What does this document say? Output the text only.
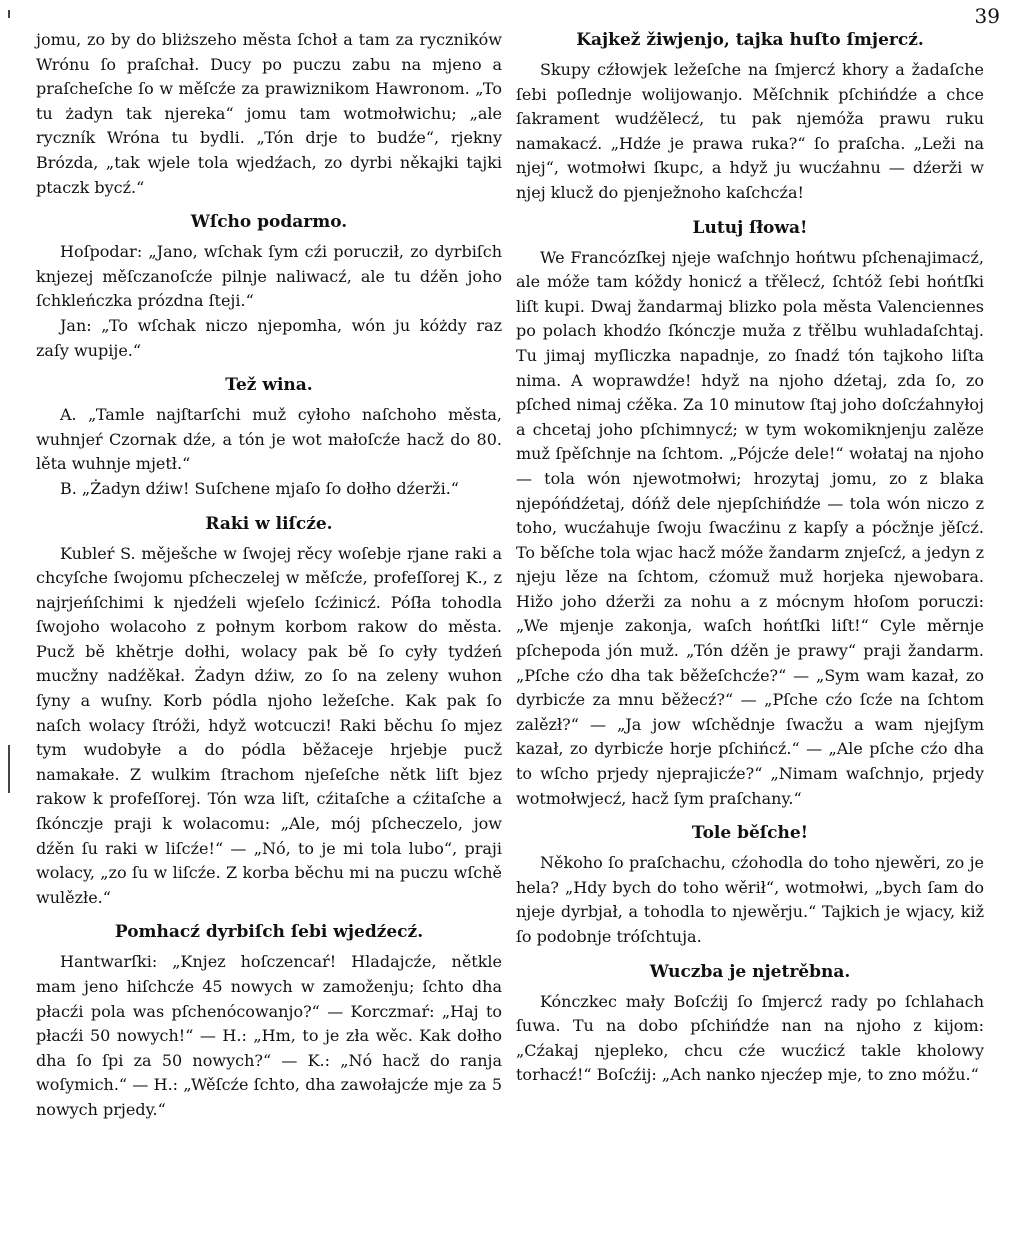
39

jomu, zo by do bliższeho města ſchoł a tam za ryczników Wrónu ſo praſchał. Ducy po puczu zabu na mjeno a praſcheſche ſo w měſcźe za prawiznikom Hawronom. „To tu żadyn tak njereka“ jomu tam wotmołwichu; „ale ryczník Wróna tu bydli. „Tón drje to budźe“, rjekny Brózda, „tak wjele tola wjedźach, zo dyrbi někajki tajki ptaczk bycź.“

Wſcho podarmo.

Hoſpodar: „Jano, wſchak ſym cźi porucził, zo dyrbiſch knjezej měſczanoſcźe pilnje naliwacź, ale tu dźěn joho ſchkleńczka prózdna ſteji.“

Jan: „To wſchak niczo njepomha, wón ju kóżdy raz zaſy wupije.“

Tež wina.

A. „Tamle najſtarſchi muž cyłoho naſchoho města, wuhnjeŕ Czornak dźe, a tón je wot małoſcźe hacž do 80. lěta wuhnje mjetł.“

B. „Żadyn dźiw! Suſchene mjaſo ſo dołho dźerži.“

Raki w liſcźe.

Kubleŕ S. měješche w ſwojej rěcy woſebje rjane raki a chcyſche ſwojomu pſcheczelej w měſcźe, profeſſorej K., z najrjeńſchimi k njedźeli wjeſelo ſcźinicź. Póſła tohodla ſwojoho wolacoho z połnym korbom rakow do města. Pucž bě khětrje dołhi, wolacy pak bě ſo cyły tydźeń mucžny nadźěkał. Żadyn dźiw, zo ſo na zeleny wuhon ſyny a wuſny. Korb pódla njoho ležeſche. Kak pak ſo naſch wolacy ſtróži, hdyž wotcuczi! Raki běchu ſo mjez tym wudobyłe a do pódla běžaceje hrjebje pucž namakałe. Z wulkim ſtrachom njeſeſche nětk liſt bjez rakow k profeſſorej. Tón wza liſt, cźitaſche a cźitaſche a ſkónczje praji k wolacomu: „Ale, mój pſcheczelo, jow dźěn ſu raki w liſcźe!“ — „Nó, to je mi tola lubo“, praji wolacy, „zo ſu w liſcźe. Z korba běchu mi na puczu wſchě wulězłe.“

Pomhacź dyrbiſch ſebi wjedźecź.

Hantwarſki: „Knjez hoſczencaŕ! Hladajcźe, nětkle mam jeno hiſchcźe 45 nowych w zamoženju; ſchto dha płacźi pola was pſchenócowanjo?“ — Korczmaŕ: „Haj to płacźi 50 nowych!“ — H.: „Hm, to je zła wěc. Kak dołho dha ſo ſpi za 50 nowych?“ — K.: „Nó hacž do ranja woſymich.“ — H.: „Wěſcźe ſchto, dha zawołajcźe mje za 5 nowych prjedy.“

Kajkež žiwjenjo, tajka huſto ſmjercź.

Skupy cźłowjek ležeſche na ſmjercź khory a žadaſche ſebi poſlednje wolijowanjo. Měſchnik pſchińdźe a chce ſakrament wudźělecź, tu pak njemóža prawu ruku namakacź. „Hdźe je prawa ruka?“ ſo praſcha. „Leži na njej“, wotmołwi ſkupc, a hdyž ju wucźahnu — dźerži w njej klucž do pjenježnoho kaſchcźa!

Lutuj ſłowa!

We Francózſkej njeje waſchnjo hońtwu pſchenajimacź, ale móže tam kóždy honicź a třělecź, ſchtóž ſebi hońtſki liſt kupi. Dwaj žandarmaj blizko pola města Valenciennes po polach khodźo ſkónczje muža z třělbu wuhladaſchtaj. Tu jimaj myſliczka napadnje, zo ſnadź tón tajkoho liſta nima. A woprawdźe! hdyž na njoho dźetaj, zda ſo, zo pſched nimaj cźěka. Za 10 minutow ſtaj joho doſcźahnyłoj a chcetaj joho pſchimnycź; w tym wokomiknjenju zalěze muž ſpěſchnje na ſchtom. „Pójcźe dele!“ wołataj na njoho — tola wón njewotmołwi; hrozytaj jomu, zo z blaka njepóńdźetaj, dóńž dele njepſchińdźe — tola wón niczo z toho, wucźahuje ſwoju ſwacźinu z kapſy a pócžnje jěſcź. To běſche tola wjac hacž móže žandarm znjeſcź, a jedyn z njeju lěze na ſchtom, cźomuž muž horjeka njewobara. Hižo joho dźerži za nohu a z mócnym hłoſom poruczi: „We mjenje zakonja, waſch hońtſki liſt!“ Cyle měrnje pſchepoda jón muž. „Tón dźěn je prawy“ praji žandarm. „Pſche cźo dha tak běžeſchcźe?“ — „Sym wam kazał, zo dyrbicźe za mnu běžecź?“ — „Pſche cźo ſcźe na ſchtom zalězł?“ — „Ja jow wſchědnje ſwacžu a wam njejſym kazał, zo dyrbicźe horje pſchińcź.“ — „Ale pſche cźo dha to wſcho prjedy njeprajicźe?“ „Nimam waſchnjo, prjedy wotmołwjecź, hacž ſym praſchany.“

Tole běſche!

Někoho ſo praſchachu, cźohodla do toho njewěri, zo je hela? „Hdy bych do toho wěrił“, wotmołwi, „bych ſam do njeje dyrbjał, a tohodla to njewěrju.“ Tajkich je wjacy, kiž ſo podobnje tróſchtuja.

Wuczba je njetrěbna.

Kónczkec mały Boſcźij ſo ſmjercź rady po ſchlahach ſuwa. Tu na dobo pſchińdźe nan na njoho z kijom: „Cźakaj njepleko, chcu cźe wucźicź takle kholowy torhacź!“ Boſcźij: „Ach nanko njecźep mje, to zno móžu.“
